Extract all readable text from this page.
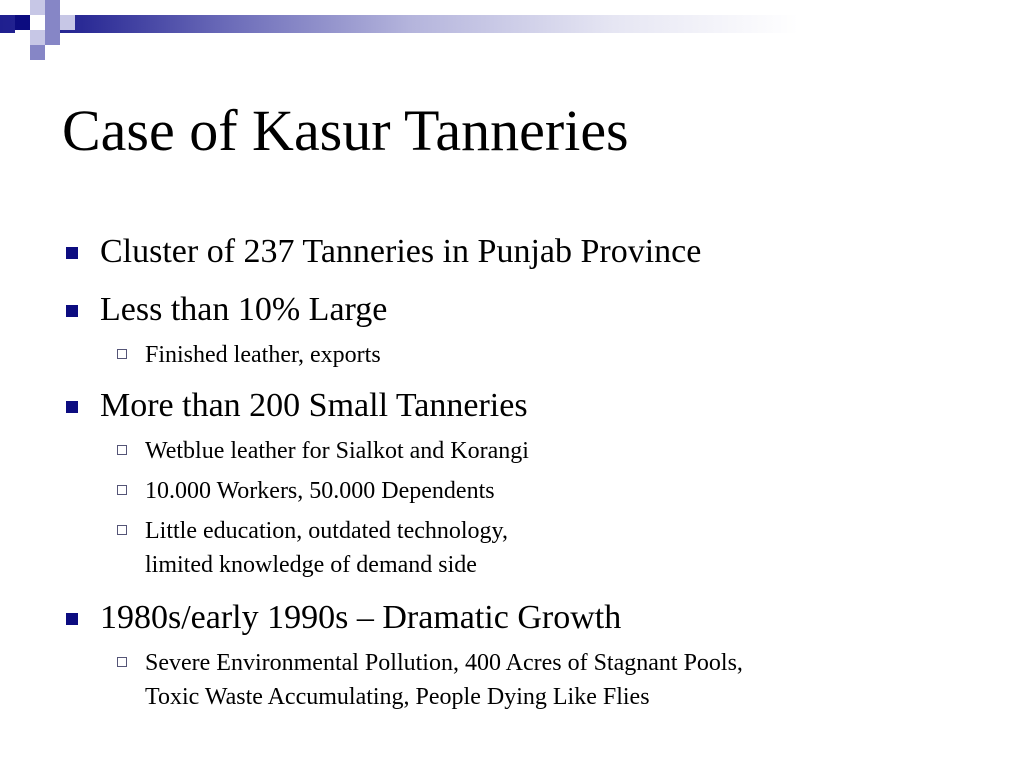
Case of Kasur Tanneries
Cluster of 237 Tanneries in Punjab Province
Less than 10% Large
Finished leather, exports
More than 200 Small Tanneries
Wetblue leather for Sialkot and Korangi
10.000 Workers, 50.000 Dependents
Little education, outdated technology,
limited knowledge of demand side
1980s/early 1990s – Dramatic Growth
Severe Environmental Pollution, 400 Acres of Stagnant Pools,
Toxic Waste Accumulating, People Dying Like Flies
